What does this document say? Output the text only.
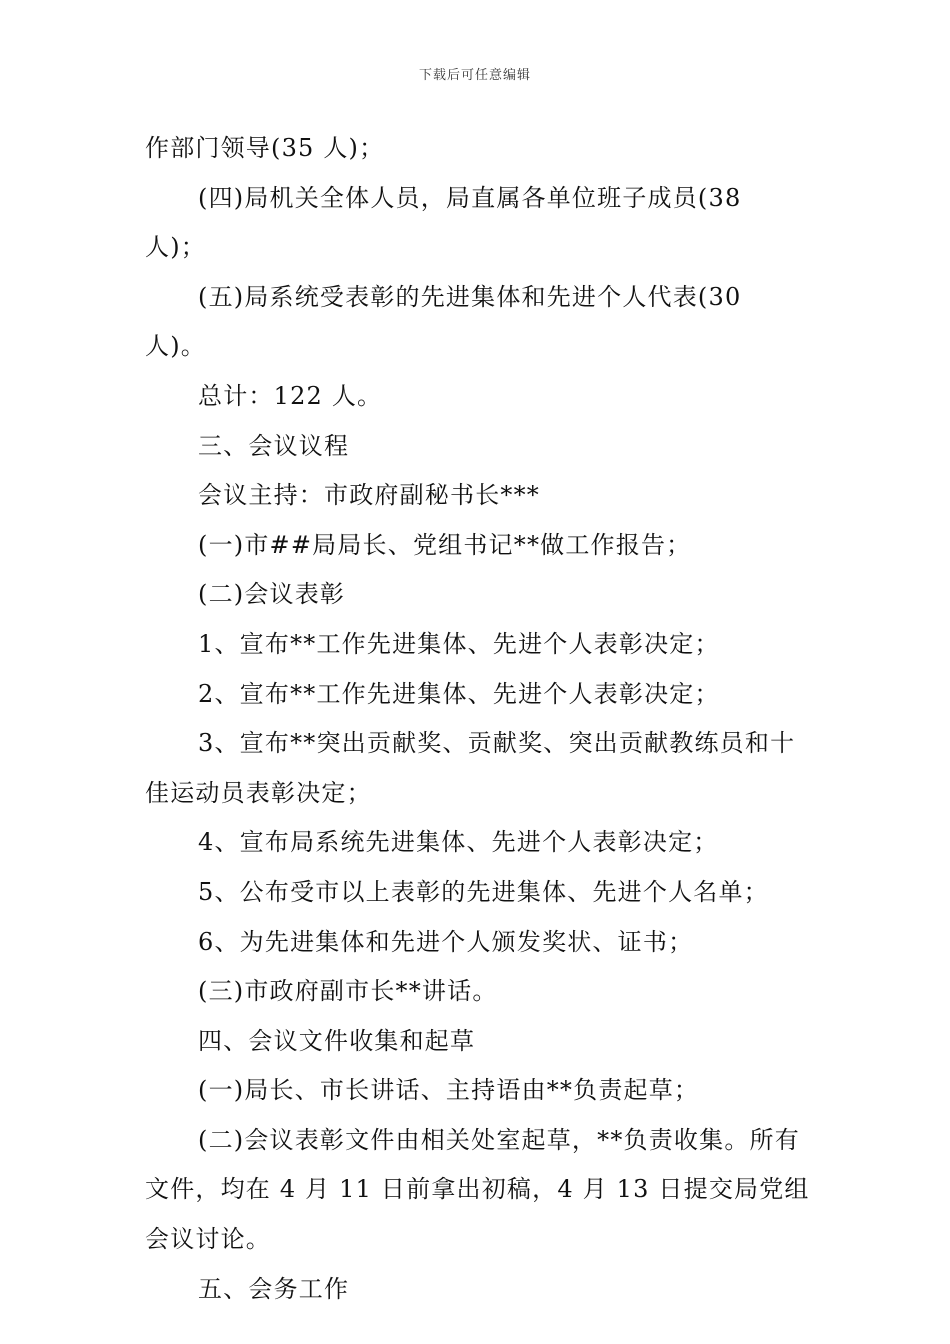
下载后可任意编辑

作部门领导(35 人)；

(四)局机关全体人员，局直属各单位班子成员(38 人)；

(五)局系统受表彰的先进集体和先进个人代表(30 人)。

总计：122 人。

三、会议议程

会议主持：市政府副秘书长***

(一)市##局局长、党组书记**做工作报告；

(二)会议表彰

1、宣布**工作先进集体、先进个人表彰决定；

2、宣布**工作先进集体、先进个人表彰决定；

3、宣布**突出贡献奖、贡献奖、突出贡献教练员和十佳运动员表彰决定；

4、宣布局系统先进集体、先进个人表彰决定；

5、公布受市以上表彰的先进集体、先进个人名单；

6、为先进集体和先进个人颁发奖状、证书；

(三)市政府副市长**讲话。

四、会议文件收集和起草

(一)局长、市长讲话、主持语由**负责起草；

(二)会议表彰文件由相关处室起草，**负责收集。所有文件，均在 4 月 11 日前拿出初稿，4 月 13 日提交局党组会议讨论。

五、会务工作
